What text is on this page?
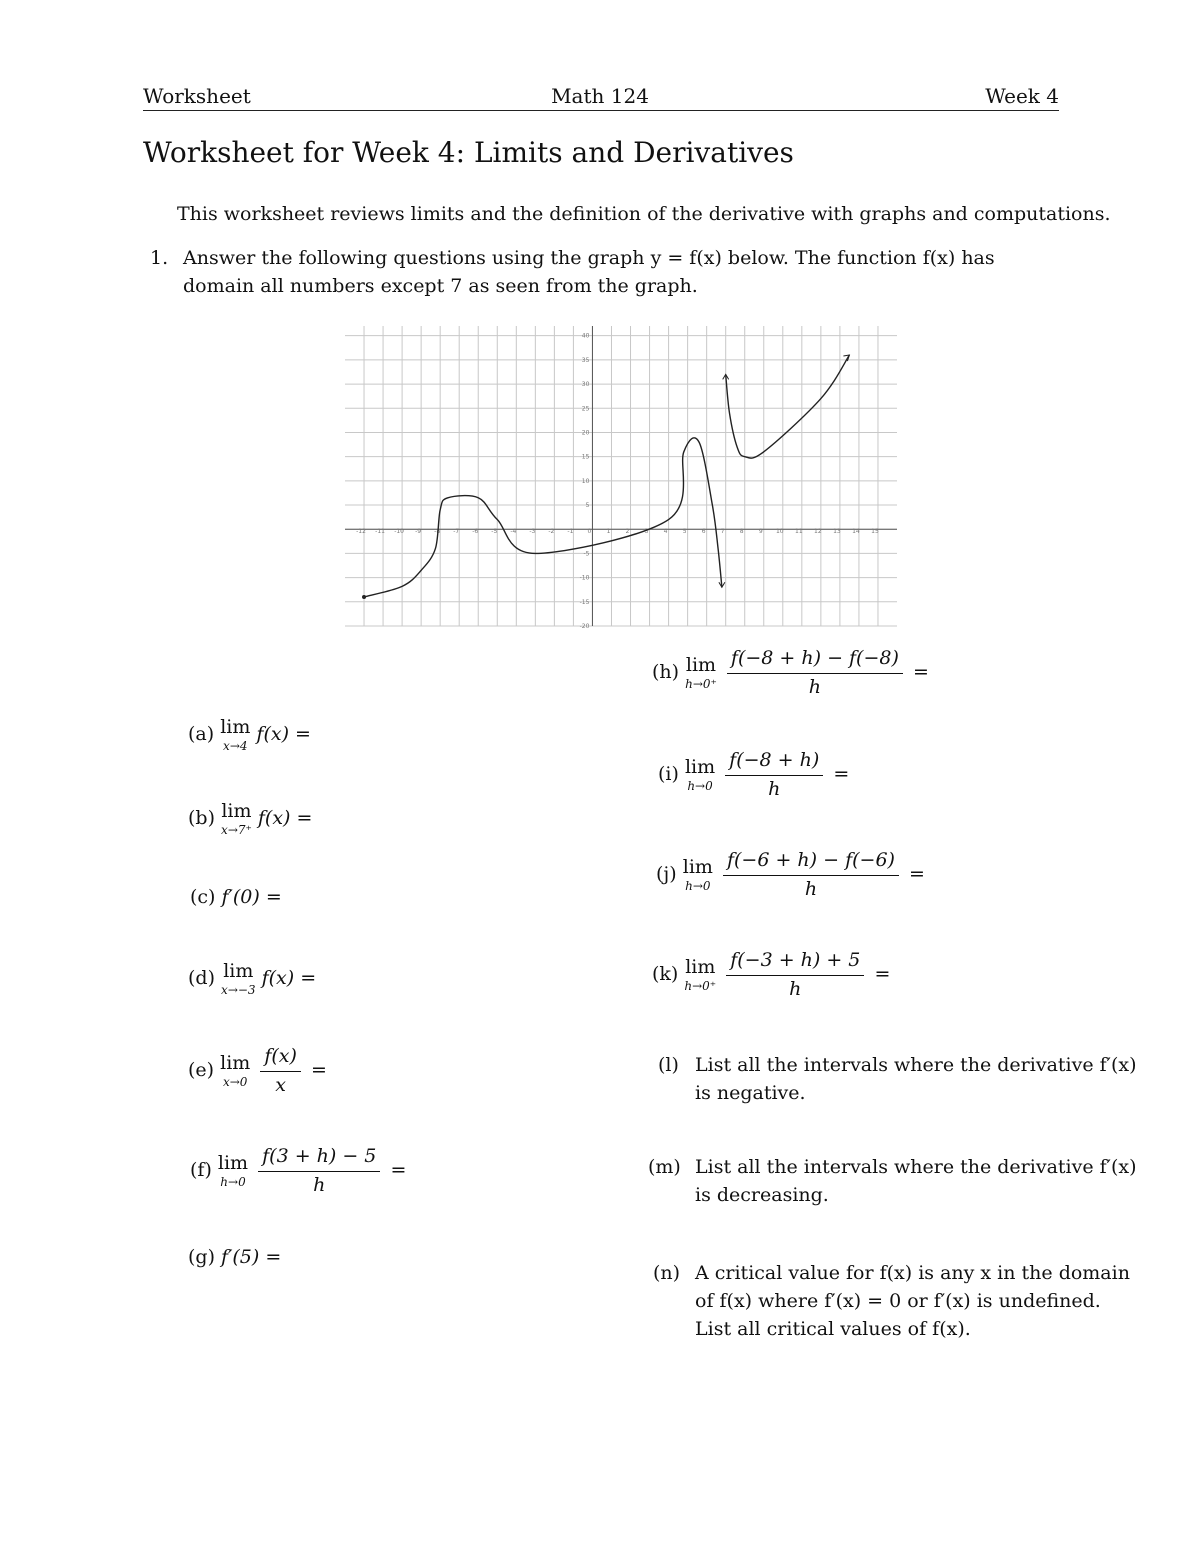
Worksheet	Math 124	Week 4
Worksheet for Week 4: Limits and Derivatives
This worksheet reviews limits and the definition of the derivative with graphs and computations.
1. Answer the following questions using the graph y = f(x) below. The function f(x) has
domain all numbers except 7 as seen from the graph.
-12 -11 -10 -9 -8 -7 -6 -5 -4 -3 -2 -1 0	1	2	3	4	5	6	7	8	9 10 11 12 13 14 15
-20
-15
-10
-5
5
10
15
20
25
30
35
40
(a) lim
x→4
f(x) =
(b) lim
x→7⁺
f(x) =
(c) f′(0) =
(d) lim
x→−3
f(x) =
(e) lim
x→0
$\frac{f(x)}{x}$ =
(f) lim
h→0
$\frac{f(3 + h) - 5}{h}$ =
(g) f′(5) =
(h) lim
h→0⁺
$\frac{f(-8 + h) - f(-8)}{h}$ =
(i) lim
h→0
$\frac{f(-8 + h)}{h}$ =
(j) lim
h→0
$\frac{f(-6 + h) - f(-6)}{h}$ =
(k) lim
h→0⁺
$\frac{f(-3 + h) + 5}{h}$ =
(l) List all the intervals where the derivative f′(x)
is negative.
(m) List all the intervals where the derivative f′(x)
is decreasing.
(n) A critical value for f(x) is any x in the domain
of f(x) where f′(x) = 0 or f′(x) is undefined.
List all critical values of f(x).
